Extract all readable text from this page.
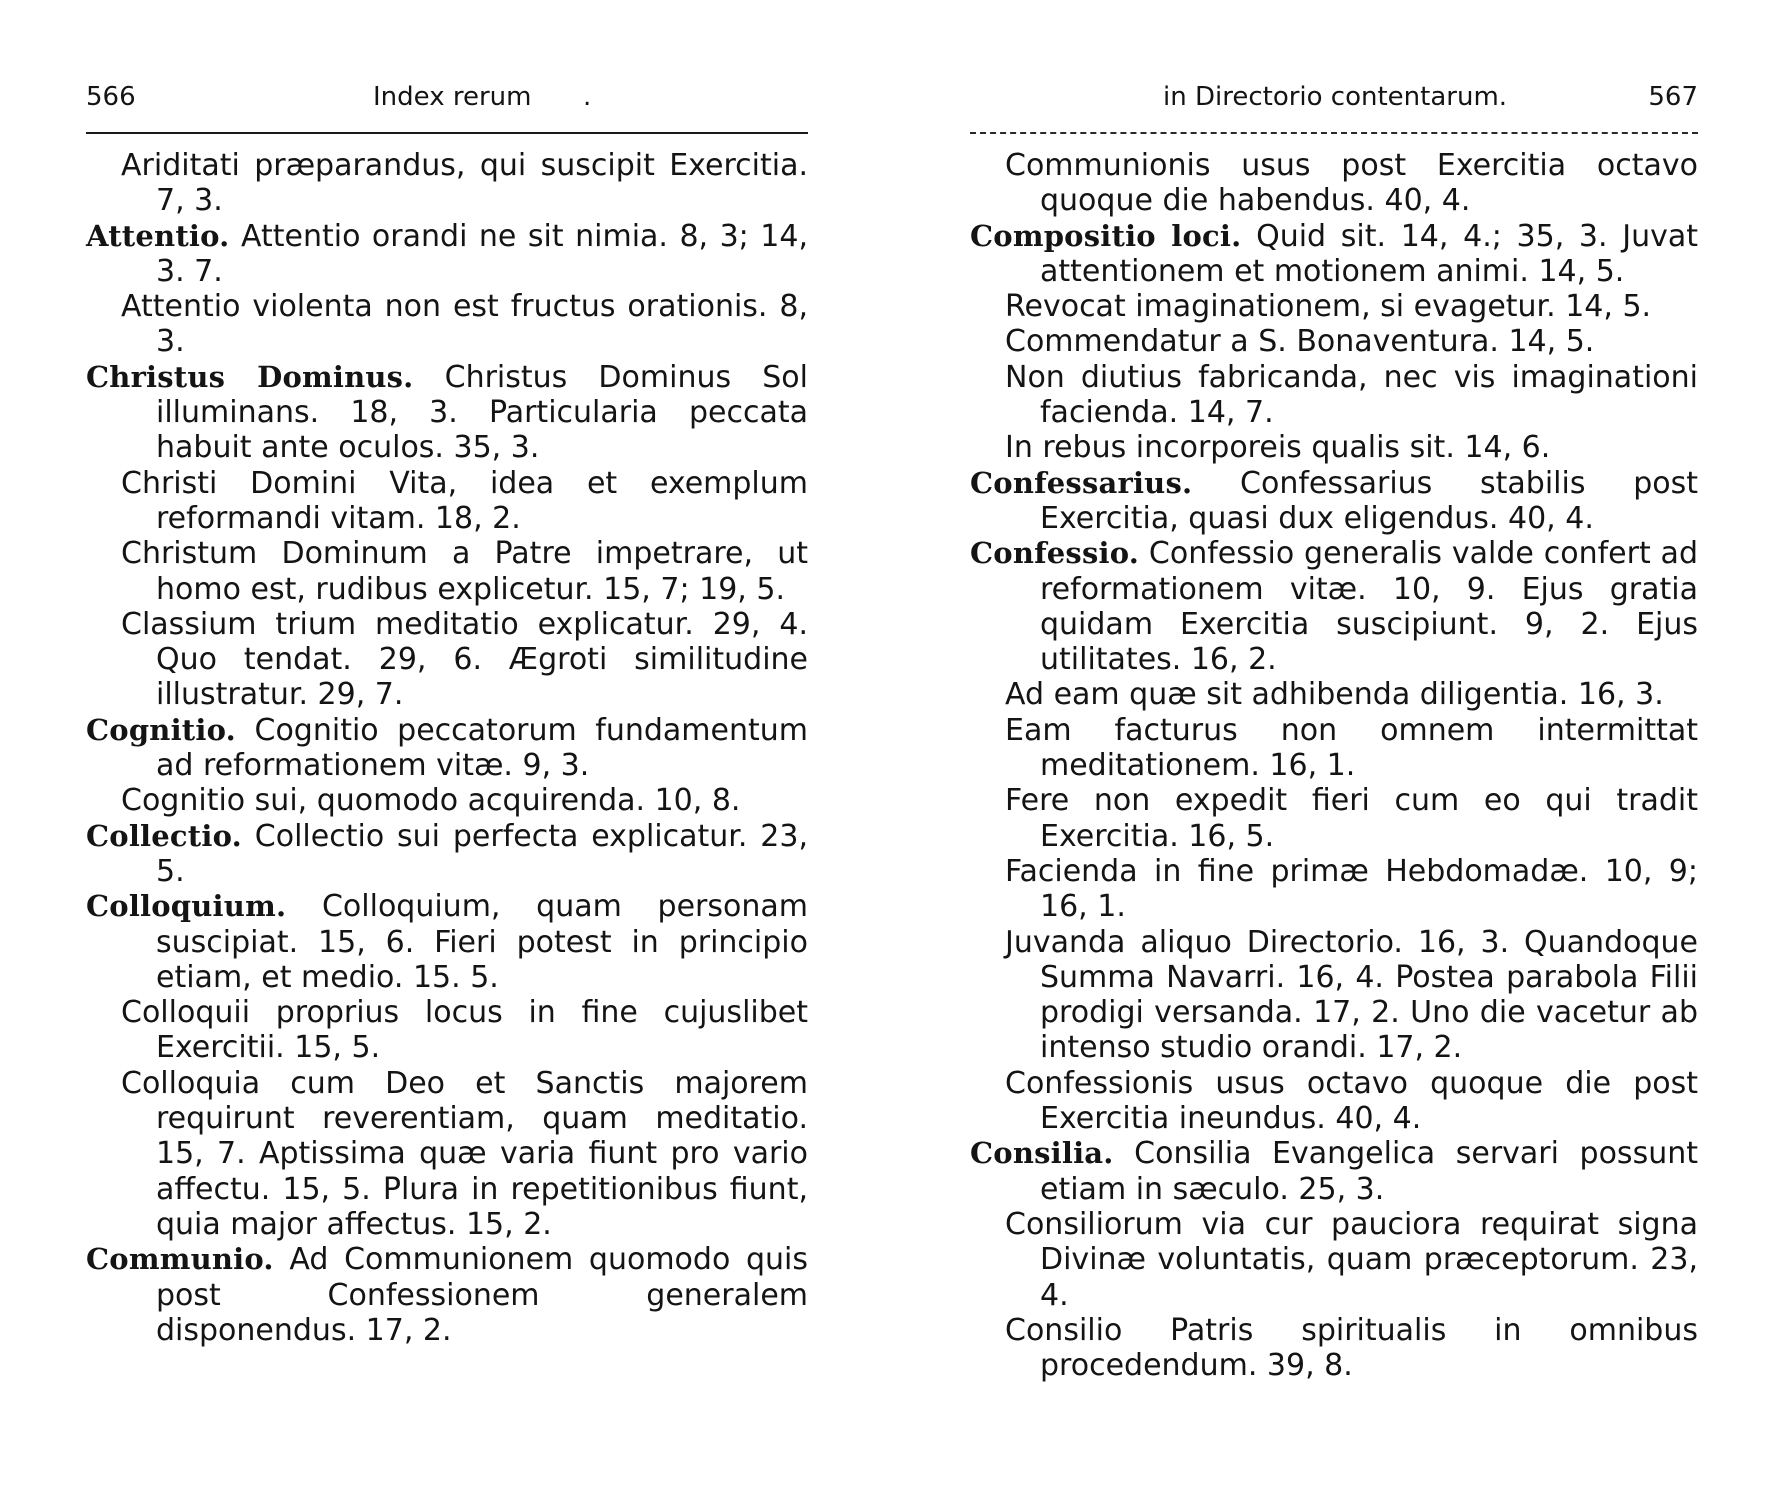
566	Index rerum .

Ariditati præparandus, qui suscipit Exercitia. 7, 3.

Attentio. Attentio orandi ne sit nimia. 8, 3; 14, 3. 7.

Attentio violenta non est fructus orationis. 8, 3.

Christus Dominus. Christus Dominus Sol illuminans. 18, 3. Particularia peccata habuit ante oculos. 35, 3.

Christi Domini Vita, idea et exemplum reformandi vitam. 18, 2.

Christum Dominum a Patre impetrare, ut homo est, rudibus explicetur. 15, 7; 19, 5.

Classium trium meditatio explicatur. 29, 4. Quo tendat. 29, 6. Ægroti similitudine illustratur. 29, 7.

Cognitio. Cognitio peccatorum fundamentum ad reformationem vitæ. 9, 3.

Cognitio sui, quomodo acquirenda. 10, 8.

Collectio. Collectio sui perfecta explicatur. 23, 5.

Colloquium. Colloquium, quam personam suscipiat. 15, 6. Fieri potest in principio etiam, et medio. 15. 5.

Colloquii proprius locus in fine cujuslibet Exercitii. 15, 5.

Colloquia cum Deo et Sanctis majorem requirunt reverentiam, quam meditatio. 15, 7. Aptissima quæ varia fiunt pro vario affectu. 15, 5. Plura in repetitionibus fiunt, quia major affectus. 15, 2.

Communio. Ad Communionem quomodo quis post Confessionem generalem disponendus. 17, 2.

in Directorio contentarum.	567

Communionis usus post Exercitia octavo quoque die habendus. 40, 4.

Compositio loci. Quid sit. 14, 4.; 35, 3. Juvat attentionem et motionem animi. 14, 5.

Revocat imaginationem, si evagetur. 14, 5.

Commendatur a S. Bonaventura. 14, 5.

Non diutius fabricanda, nec vis imaginationi facienda. 14, 7.

In rebus incorporeis qualis sit. 14, 6.

Confessarius. Confessarius stabilis post Exercitia, quasi dux eligendus. 40, 4.

Confessio. Confessio generalis valde confert ad reformationem vitæ. 10, 9. Ejus gratia quidam Exercitia suscipiunt. 9, 2. Ejus utilitates. 16, 2.

Ad eam quæ sit adhibenda diligentia. 16, 3.

Eam facturus non omnem intermittat meditationem. 16, 1.

Fere non expedit fieri cum eo qui tradit Exercitia. 16, 5.

Facienda in fine primæ Hebdomadæ. 10, 9; 16, 1.

Juvanda aliquo Directorio. 16, 3. Quandoque Summa Navarri. 16, 4. Postea parabola Filii prodigi versanda. 17, 2. Uno die vacetur ab intenso studio orandi. 17, 2.

Confessionis usus octavo quoque die post Exercitia ineundus. 40, 4.

Consilia. Consilia Evangelica servari possunt etiam in sæculo. 25, 3.

Consiliorum via cur pauciora requirat signa Divinæ voluntatis, quam præceptorum. 23, 4.

Consilio Patris spiritualis in omnibus procedendum. 39, 8.
